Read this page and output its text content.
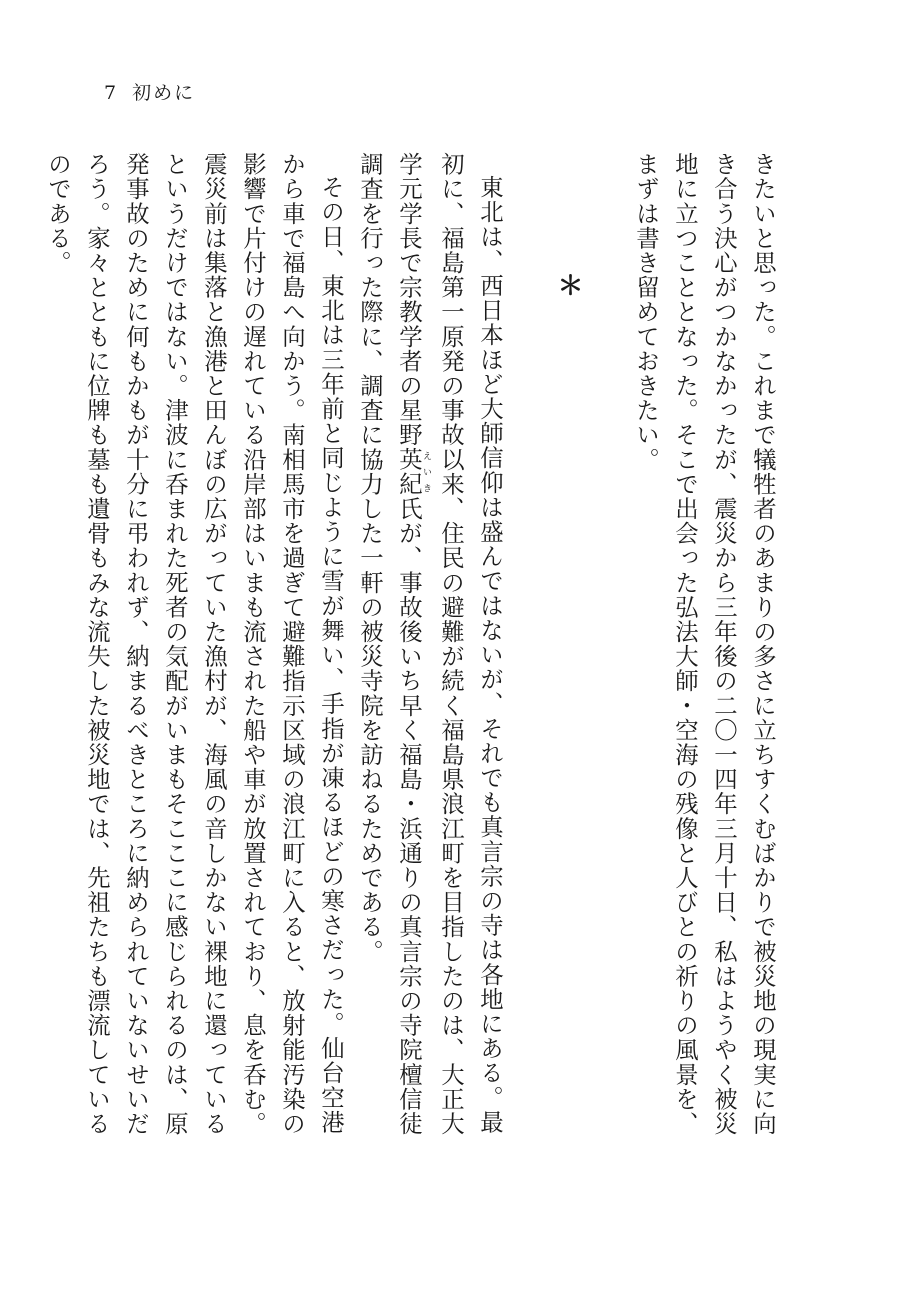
7 初めに
きたいと思った。これまで犠牲者のあまりの多さに立ちすくむばかりで被災地の現実に向
き合う決心がつかなかったが、震災から三年後の二〇一四年三月十日、私はようやく被災
地に立つこととなった。そこで出会った弘法大師・空海の残像と人びとの祈りの風景を、
まずは書き留めておきたい。
＊
東北は、西日本ほど大師信仰は盛んではないが、それでも真言宗の寺は各地にある。最
初に、福島第一原発の事故以来、住民の避難が続く福島県浪江町を目指したのは、大正大
学元学長で宗教学者の星野英紀えいき氏が、事故後いち早く福島・浜通りの真言宗の寺院檀信徒
調査を行った際に、調査に協力した一軒の被災寺院を訪ねるためである。
その日、東北は三年前と同じように雪が舞い、手指が凍るほどの寒さだった。仙台空港
から車で福島へ向かう。南相馬市を過ぎて避難指示区域の浪江町に入ると、放射能汚染の
影響で片付けの遅れている沿岸部はいまも流された船や車が放置されており、息を呑む。
震災前は集落と漁港と田んぼの広がっていた漁村が、海風の音しかない裸地に還っている
というだけではない。津波に呑まれた死者の気配がいまもそこここに感じられるのは、原
発事故のために何もかもが十分に弔われず、納まるべきところに納められていないせいだ
ろう。家々とともに位牌も墓も遺骨もみな流失した被災地では、先祖たちも漂流している
のである。
